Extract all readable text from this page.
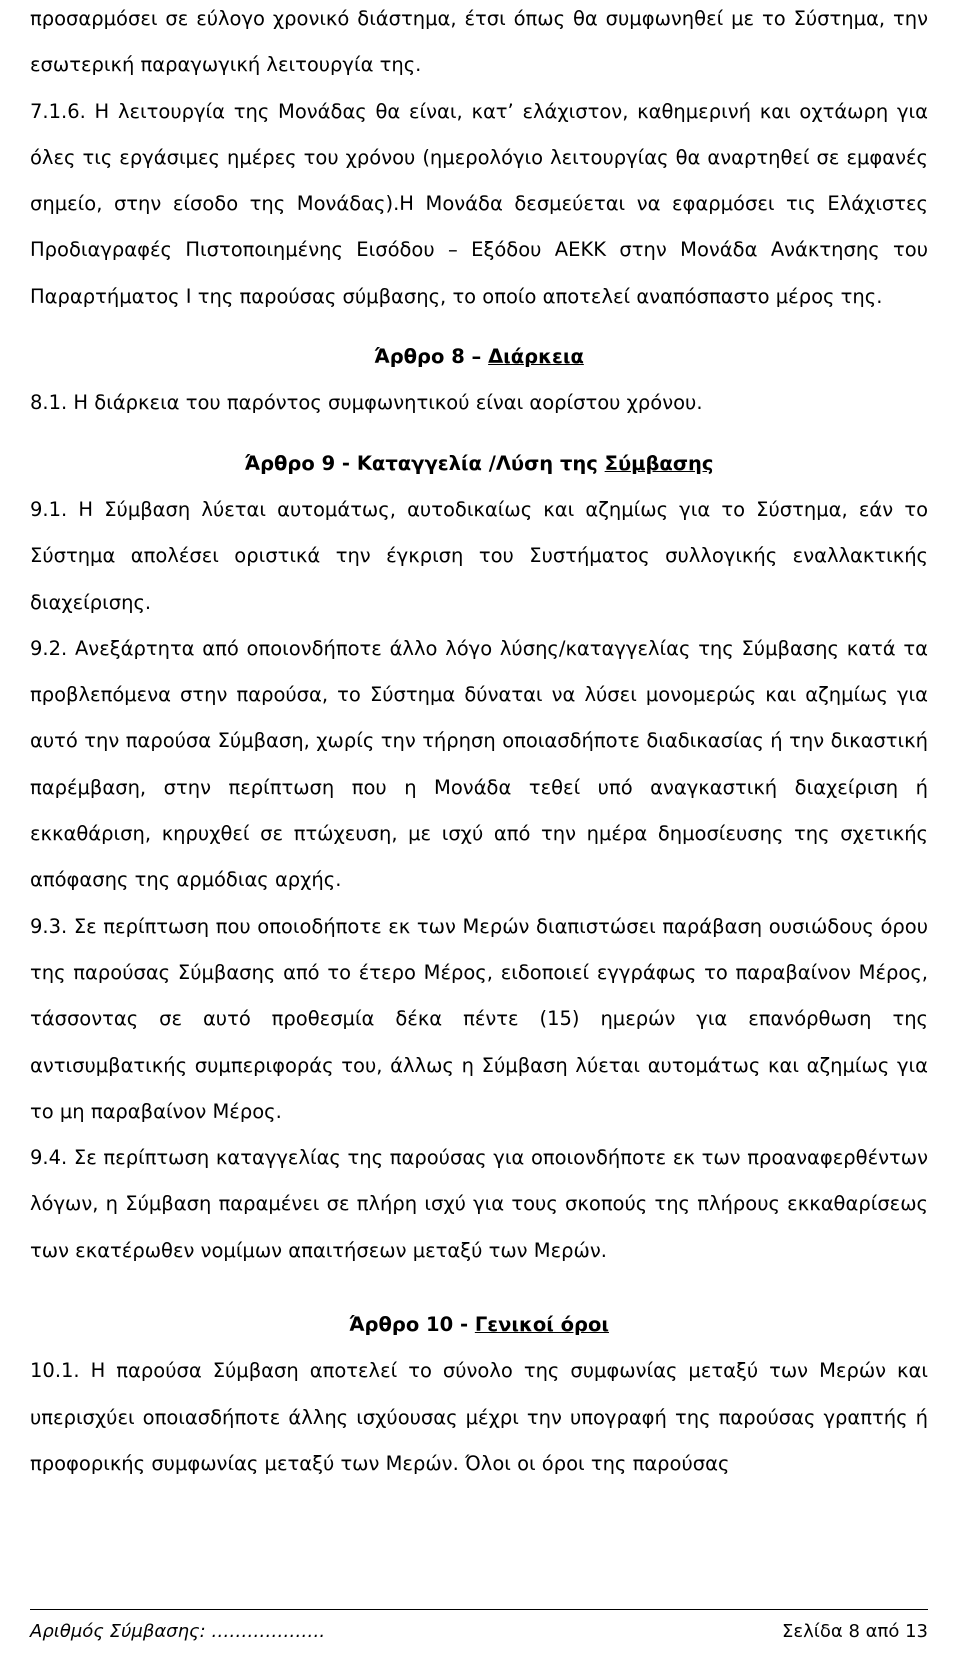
προσαρμόσει σε εύλογο χρονικό διάστημα, έτσι όπως θα συμφωνηθεί με το Σύστημα, την εσωτερική παραγωγική λειτουργία της.

7.1.6. Η λειτουργία της Μονάδας θα είναι, κατ’ ελάχιστον, καθημερινή και οχτάωρη για όλες τις εργάσιμες ημέρες του χρόνου (ημερολόγιο λειτουργίας θα αναρτηθεί σε εμφανές σημείο, στην είσοδο της Μονάδας).Η Μονάδα δεσμεύεται να εφαρμόσει τις Ελάχιστες Προδιαγραφές Πιστοποιημένης Εισόδου – Εξόδου ΑΕΚΚ στην Μονάδα Ανάκτησης του Παραρτήματος Ι της παρούσας σύμβασης, το οποίο αποτελεί αναπόσπαστο μέρος της.

Άρθρο 8 – Διάρκεια

8.1. Η διάρκεια του παρόντος συμφωνητικού είναι αορίστου χρόνου.

Άρθρο 9 - Καταγγελία /Λύση της Σύμβασης

9.1. Η Σύμβαση λύεται αυτομάτως, αυτοδικαίως και αζημίως για το Σύστημα, εάν το Σύστημα απολέσει οριστικά την έγκριση του Συστήματος συλλογικής εναλλακτικής διαχείρισης.

9.2. Ανεξάρτητα από οποιονδήποτε άλλο λόγο λύσης/καταγγελίας της Σύμβασης κατά τα προβλεπόμενα στην παρούσα, το Σύστημα δύναται να λύσει μονομερώς και αζημίως για αυτό την παρούσα Σύμβαση, χωρίς την τήρηση οποιασδήποτε διαδικασίας ή την δικαστική παρέμβαση, στην περίπτωση που η Μονάδα τεθεί υπό αναγκαστική διαχείριση ή εκκαθάριση, κηρυχθεί σε πτώχευση, με ισχύ από την ημέρα δημοσίευσης της σχετικής απόφασης της αρμόδιας αρχής.

9.3. Σε περίπτωση που οποιοδήποτε εκ των Μερών διαπιστώσει παράβαση ουσιώδους όρου της παρούσας Σύμβασης από το έτερο Μέρος, ειδοποιεί εγγράφως το παραβαίνον Μέρος, τάσσοντας σε αυτό προθεσμία δέκα πέντε (15) ημερών για επανόρθωση της αντισυμβατικής συμπεριφοράς του, άλλως η Σύμβαση λύεται αυτομάτως και αζημίως για το μη παραβαίνον Μέρος.

9.4. Σε περίπτωση καταγγελίας της παρούσας για οποιονδήποτε εκ των προαναφερθέντων λόγων, η Σύμβαση παραμένει σε πλήρη ισχύ για τους σκοπούς της πλήρους εκκαθαρίσεως των εκατέρωθεν νομίμων απαιτήσεων μεταξύ των Μερών.

Άρθρο 10 - Γενικοί όροι

10.1. Η παρούσα Σύμβαση αποτελεί το σύνολο της συμφωνίας μεταξύ των Μερών και υπερισχύει οποιασδήποτε άλλης ισχύουσας μέχρι την υπογραφή της παρούσας γραπτής ή προφορικής συμφωνίας μεταξύ των Μερών. Όλοι οι όροι της παρούσας

Αριθμός Σύμβασης: ……………….	Σελίδα 8 από 13
